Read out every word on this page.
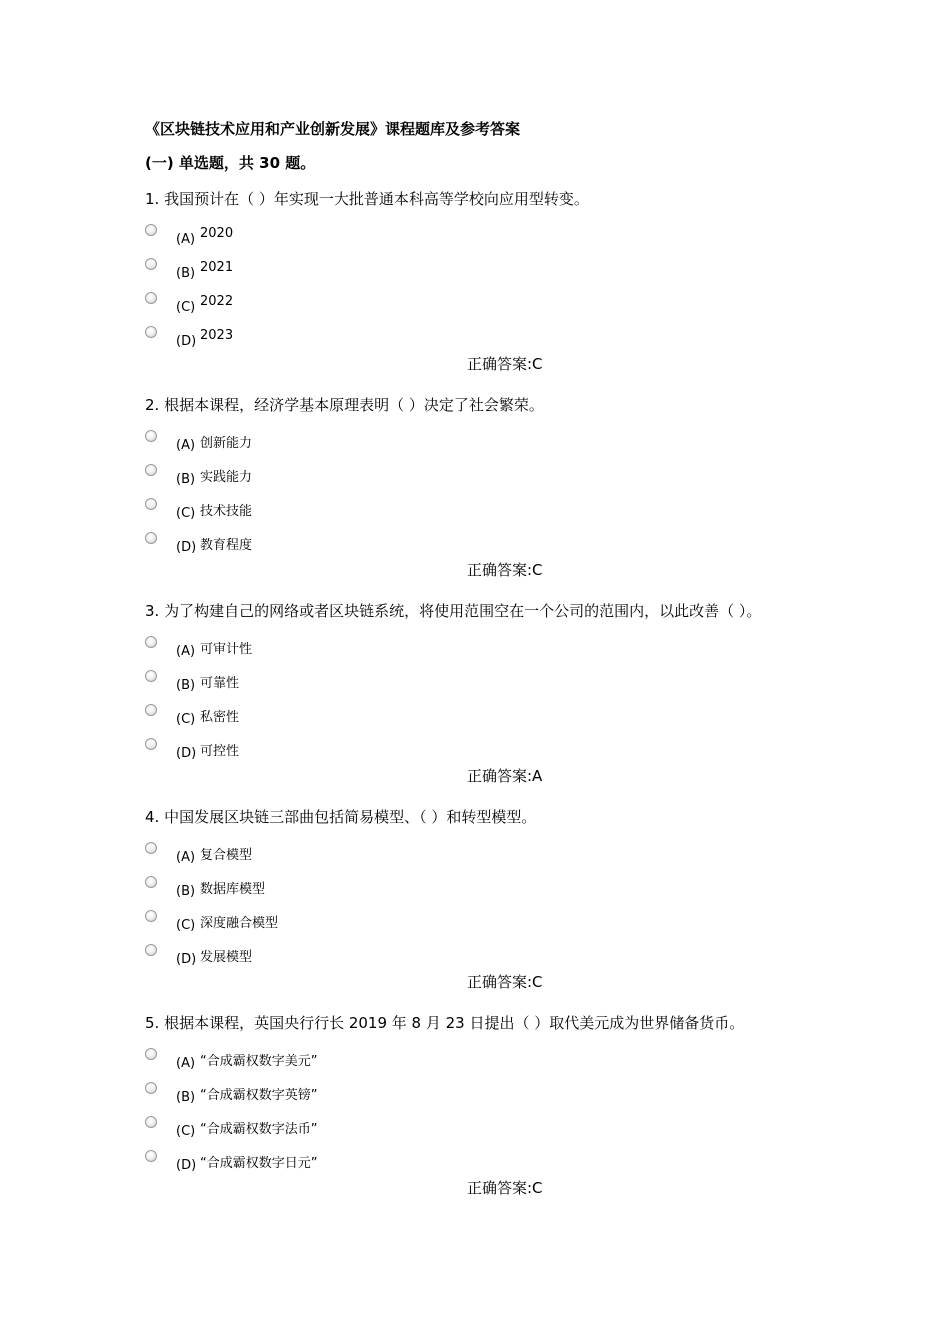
《区块链技术应用和产业创新发展》课程题库及参考答案
(一) 单选题，共 30 题。
1. 我国预计在（ ）年实现一大批普通本科高等学校向应用型转变。
(A) 2020
(B) 2021
(C) 2022
(D) 2023
正确答案:C
2. 根据本课程，经济学基本原理表明（ ）决定了社会繁荣。
(A) 创新能力
(B) 实践能力
(C) 技术技能
(D) 教育程度
正确答案:C
3. 为了构建自己的网络或者区块链系统，将使用范围空在一个公司的范围内，以此改善（ ）。
(A) 可审计性
(B) 可靠性
(C) 私密性
(D) 可控性
正确答案:A
4. 中国发展区块链三部曲包括简易模型、（ ）和转型模型。
(A) 复合模型
(B) 数据库模型
(C) 深度融合模型
(D) 发展模型
正确答案:C
5. 根据本课程，英国央行行长 2019 年 8 月 23 日提出（ ）取代美元成为世界储备货币。
(A) “合成霸权数字美元”
(B) “合成霸权数字英镑”
(C) “合成霸权数字法币”
(D) “合成霸权数字日元”
正确答案:C
